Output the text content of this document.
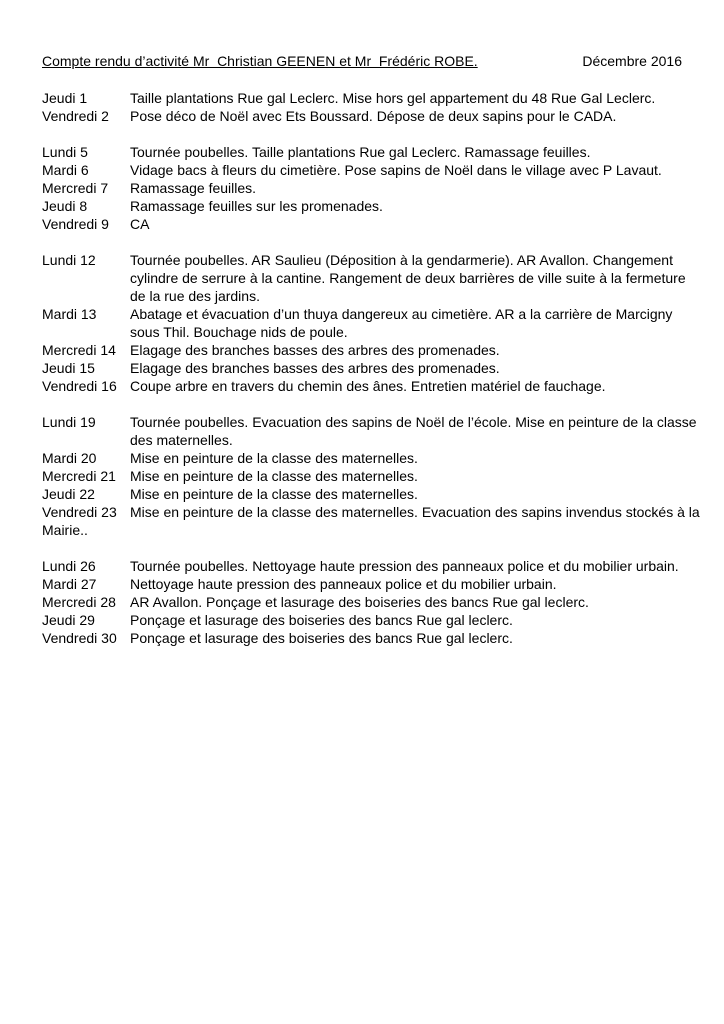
Compte rendu d’activité Mr  Christian GEENEN et Mr  Frédéric ROBE.	Décembre 2016
Jeudi 1	Taille plantations Rue gal Leclerc. Mise hors gel appartement du 48 Rue Gal Leclerc.
Vendredi 2	Pose déco de Noël avec Ets Boussard. Dépose de deux sapins pour le CADA.
Lundi 5	Tournée poubelles. Taille plantations Rue gal Leclerc. Ramassage feuilles.
Mardi 6	Vidage bacs à fleurs du cimetière. Pose sapins de Noël dans le village avec P Lavaut.
Mercredi 7	Ramassage feuilles.
Jeudi 8	Ramassage feuilles sur les promenades.
Vendredi 9	CA
Lundi 12	Tournée poubelles. AR Saulieu (Déposition à la gendarmerie). AR Avallon. Changement
cylindre de serrure à la cantine. Rangement de deux barrières de ville suite à la fermeture
de la rue des jardins.
Mardi 13	Abatage et évacuation d’un thuya dangereux au cimetière. AR a la carrière de Marcigny
sous Thil. Bouchage nids de poule.
Mercredi 14	Elagage des branches basses des arbres des promenades.
Jeudi 15	Elagage des branches basses des arbres des promenades.
Vendredi 16 Coupe arbre en travers du chemin des ânes. Entretien matériel de fauchage.
Lundi 19	Tournée poubelles. Evacuation des sapins de Noël de l’école. Mise en peinture de la classe
des maternelles.
Mardi 20	Mise en peinture de la classe des maternelles.
Mercredi 21	Mise en peinture de la classe des maternelles.
Jeudi 22	Mise en peinture de la classe des maternelles.
Vendredi 23 Mise en peinture de la classe des maternelles. Evacuation des sapins invendus stockés à la
Mairie..
Lundi 26	Tournée poubelles. Nettoyage haute pression des panneaux police et du mobilier urbain.
Mardi 27	Nettoyage haute pression des panneaux police et du mobilier urbain.
Mercredi 28	AR Avallon. Ponçage et lasurage des boiseries des bancs Rue gal leclerc.
Jeudi 29	Ponçage et lasurage des boiseries des bancs Rue gal leclerc.
Vendredi 30 Ponçage et lasurage des boiseries des bancs Rue gal leclerc.
